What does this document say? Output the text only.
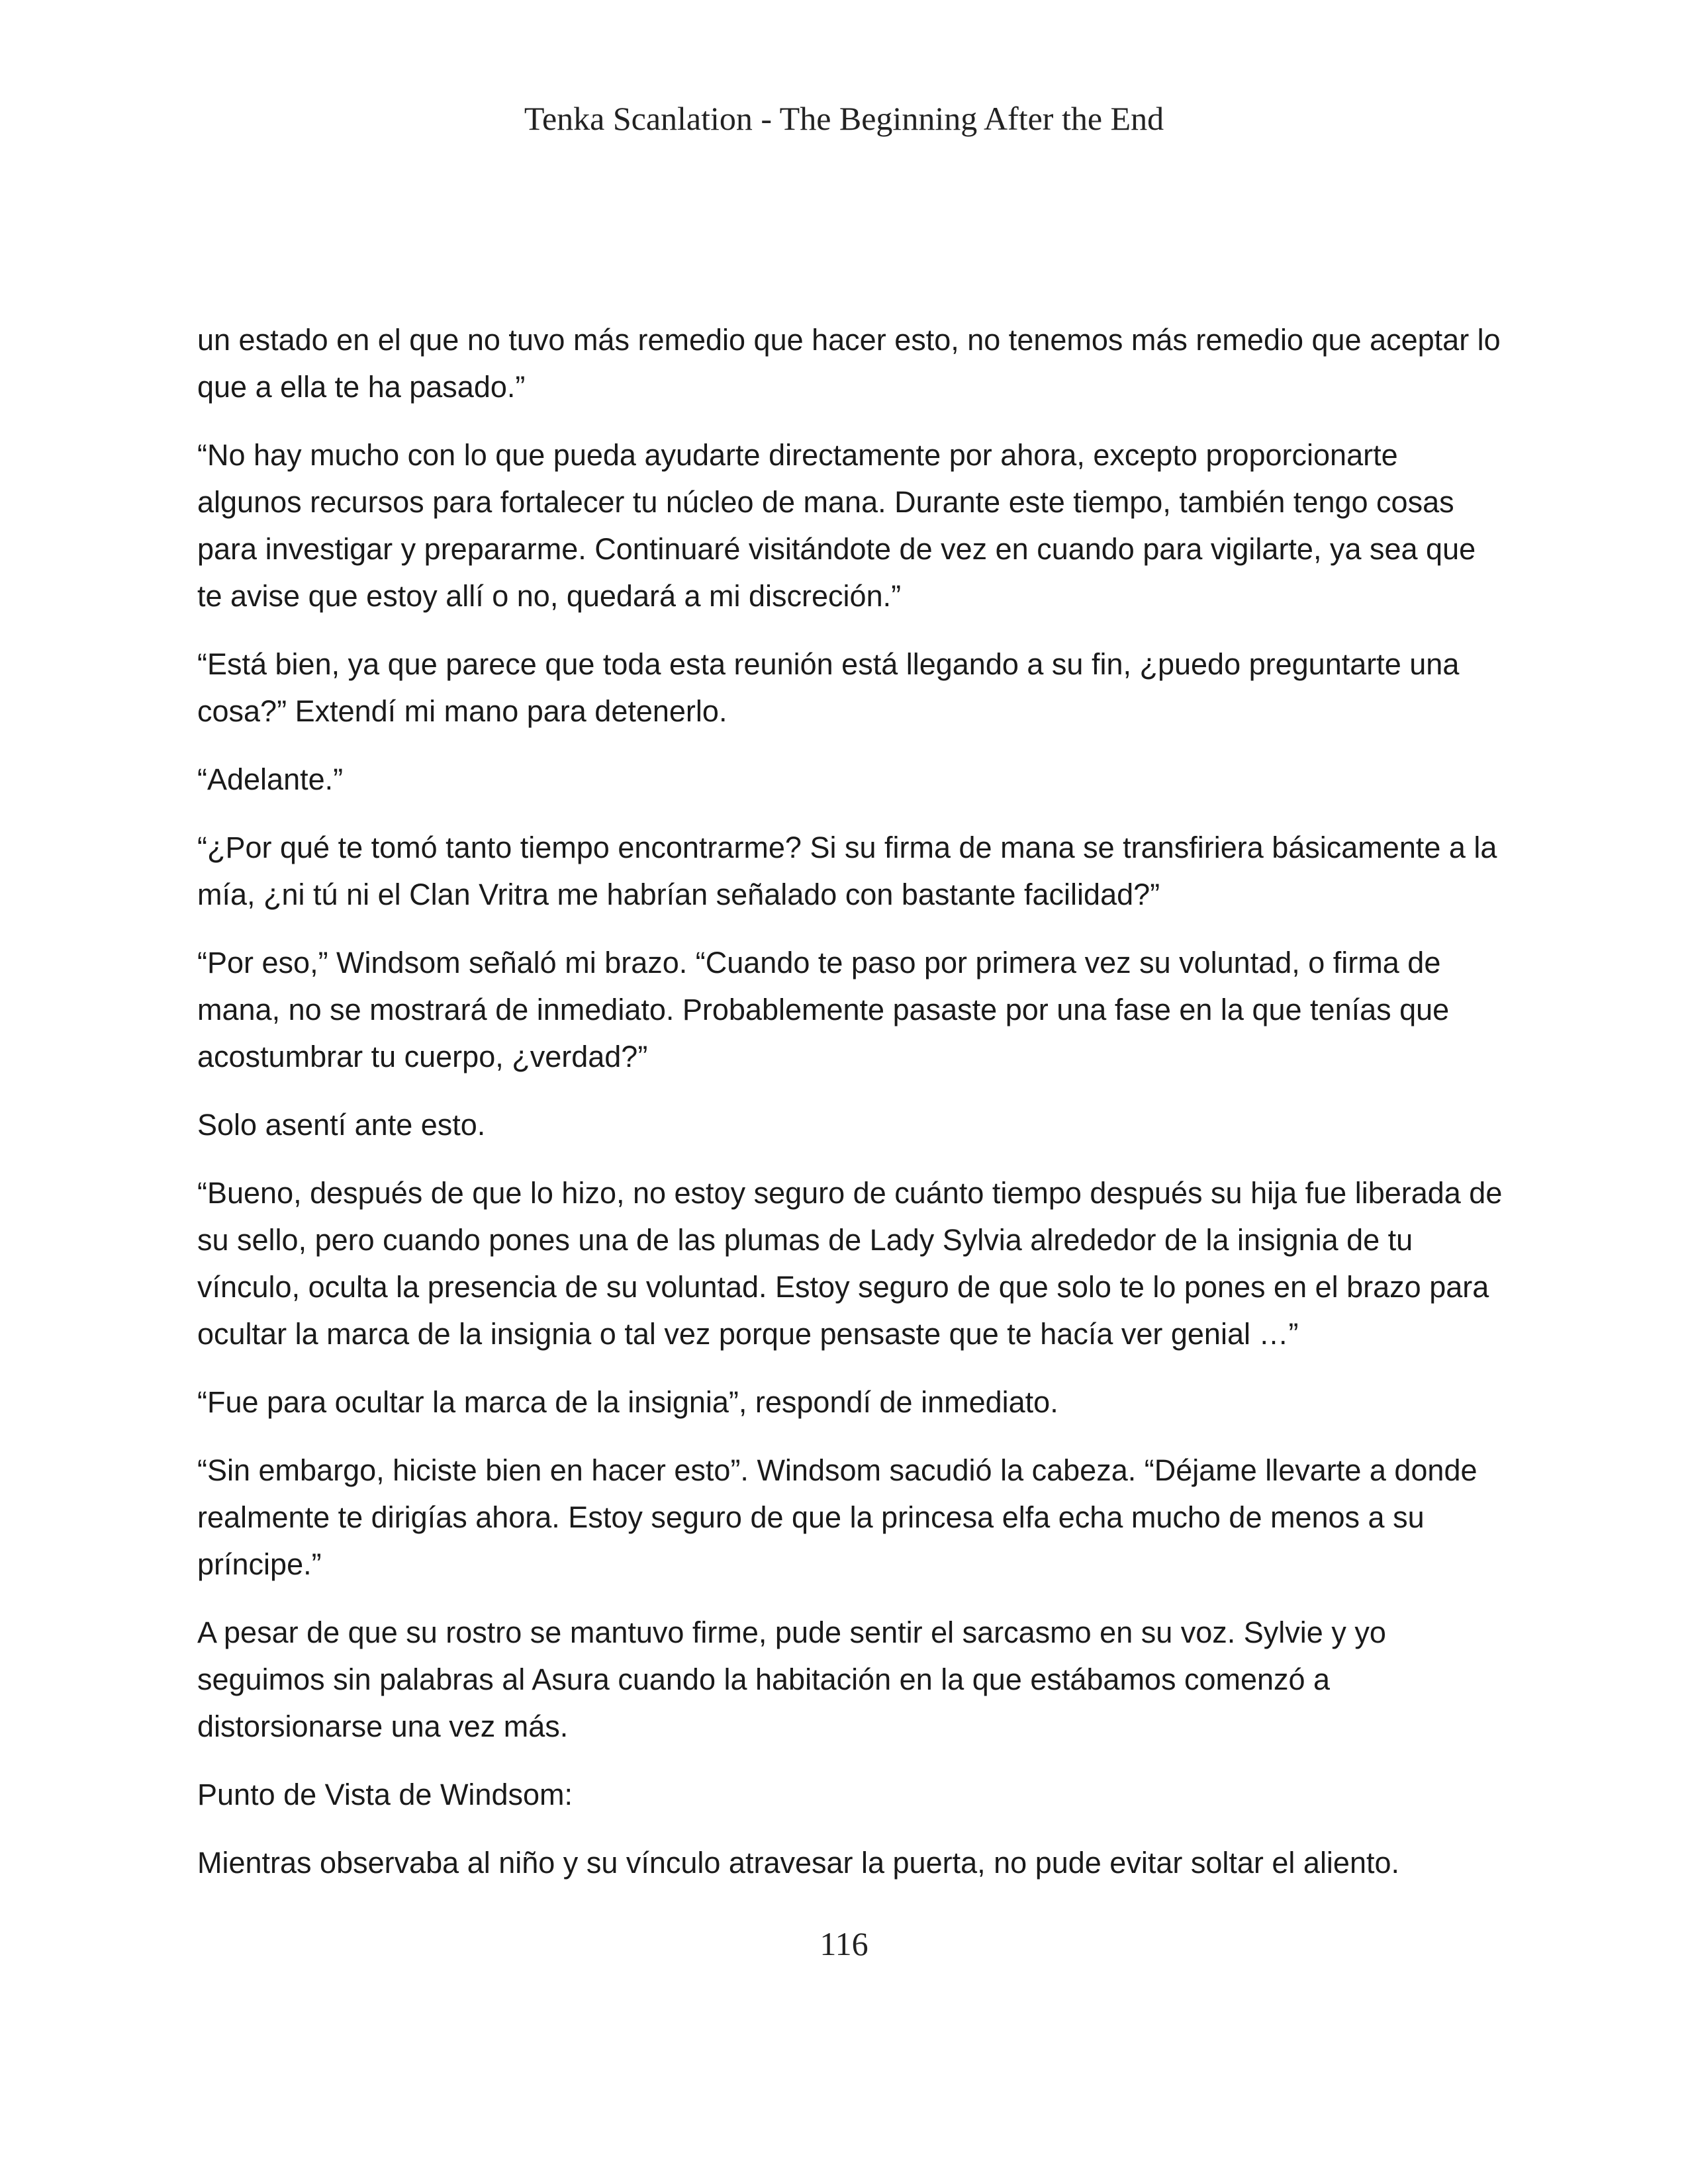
Tenka Scanlation - The Beginning After the End

un estado en el que no tuvo más remedio que hacer esto, no tenemos más remedio que aceptar lo que a ella te ha pasado.”

“No hay mucho con lo que pueda ayudarte directamente por ahora, excepto proporcionarte algunos recursos para fortalecer tu núcleo de mana. Durante este tiempo, también tengo cosas para investigar y prepararme. Continuaré visitándote de vez en cuando para vigilarte, ya sea que te avise que estoy allí o no, quedará a mi discreción.”

“Está bien, ya que parece que toda esta reunión está llegando a su fin, ¿puedo preguntarte una cosa?” Extendí mi mano para detenerlo.

“Adelante.”

“¿Por qué te tomó tanto tiempo encontrarme? Si su firma de mana se transfiriera básicamente a la mía, ¿ni tú ni el Clan Vritra me habrían señalado con bastante facilidad?”

“Por eso,” Windsom señaló mi brazo. “Cuando te paso por primera vez su voluntad, o firma de mana, no se mostrará de inmediato. Probablemente pasaste por una fase en la que tenías que acostumbrar tu cuerpo, ¿verdad?”

Solo asentí ante esto.

“Bueno, después de que lo hizo, no estoy seguro de cuánto tiempo después su hija fue liberada de su sello, pero cuando pones una de las plumas de Lady Sylvia alrededor de la insignia de tu vínculo, oculta la presencia de su voluntad. Estoy seguro de que solo te lo pones en el brazo para ocultar la marca de la insignia o tal vez porque pensaste que te hacía ver genial …”

“Fue para ocultar la marca de la insignia”, respondí de inmediato.

“Sin embargo, hiciste bien en hacer esto”. Windsom sacudió la cabeza. “Déjame llevarte a donde realmente te dirigías ahora. Estoy seguro de que la princesa elfa echa mucho de menos a su príncipe.”

A pesar de que su rostro se mantuvo firme, pude sentir el sarcasmo en su voz. Sylvie y yo seguimos sin palabras al Asura cuando la habitación en la que estábamos comenzó a distorsionarse una vez más.

Punto de Vista de Windsom:

Mientras observaba al niño y su vínculo atravesar la puerta, no pude evitar soltar el aliento.

116
